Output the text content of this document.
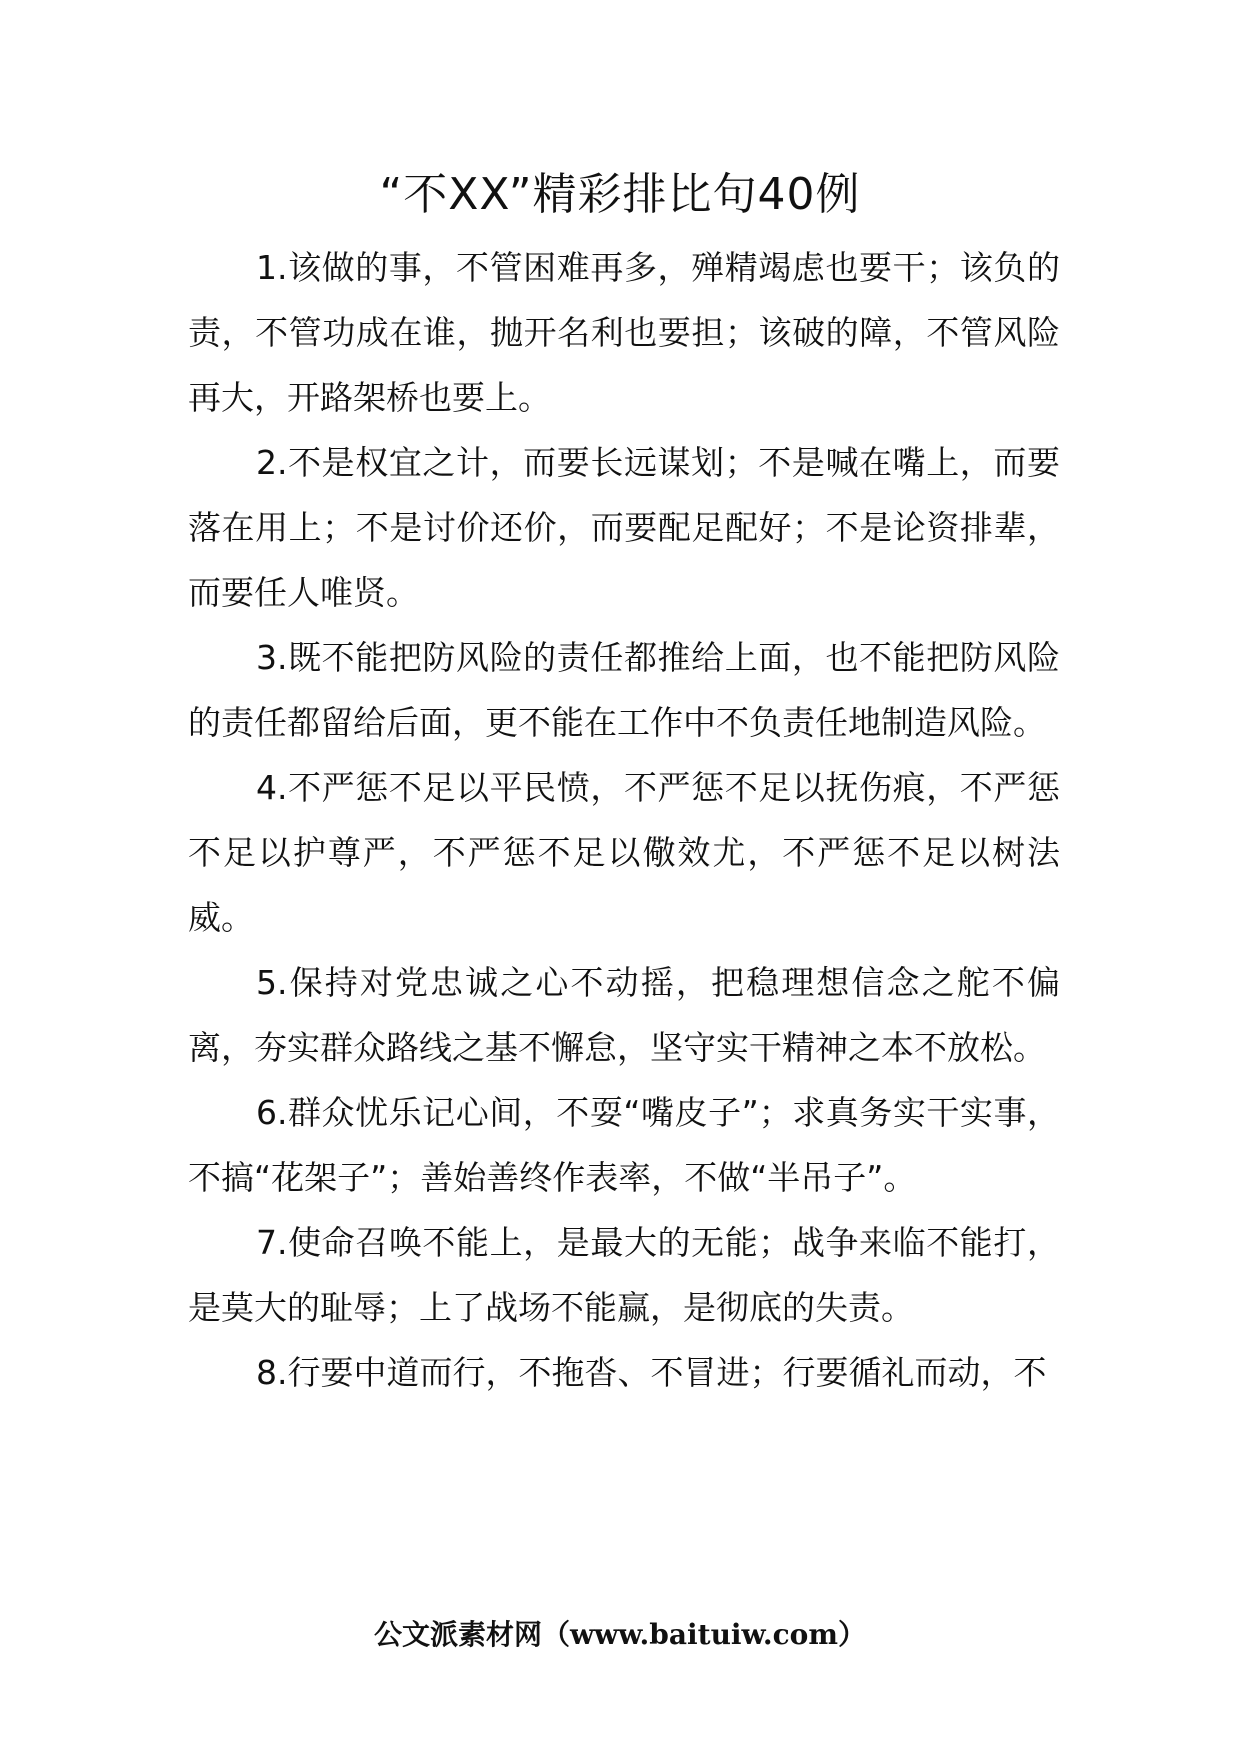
“不XX”精彩排比句40例

1.该做的事，不管困难再多，殚精竭虑也要干；该负的责，不管功成在谁，抛开名利也要担；该破的障，不管风险再大，开路架桥也要上。

2.不是权宜之计，而要长远谋划；不是喊在嘴上，而要落在用上；不是讨价还价，而要配足配好；不是论资排辈，而要任人唯贤。

3.既不能把防风险的责任都推给上面，也不能把防风险的责任都留给后面，更不能在工作中不负责任地制造风险。

4.不严惩不足以平民愤，不严惩不足以抚伤痕，不严惩不足以护尊严，不严惩不足以儆效尤，不严惩不足以树法威。

5.保持对党忠诚之心不动摇，把稳理想信念之舵不偏离，夯实群众路线之基不懈怠，坚守实干精神之本不放松。

6.群众忧乐记心间，不耍“嘴皮子”；求真务实干实事，不搞“花架子”；善始善终作表率，不做“半吊子”。

7.使命召唤不能上，是最大的无能；战争来临不能打，是莫大的耻辱；上了战场不能赢，是彻底的失责。

8.行要中道而行，不拖沓、不冒进；行要循礼而动，不

公文派素材网（www.baituiw.com）
